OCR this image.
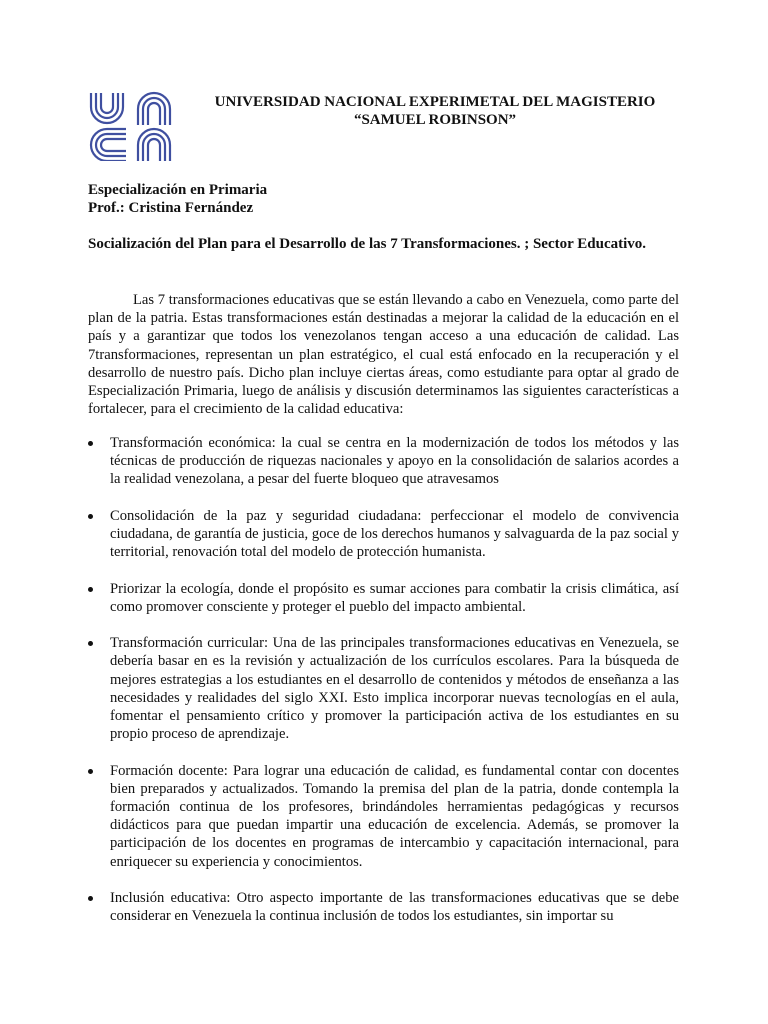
UNIVERSIDAD NACIONAL EXPERIMETAL DEL MAGISTERIO
“SAMUEL ROBINSON”
Especialización en Primaria
Prof.: Cristina Fernández
Socialización del Plan para el Desarrollo de las 7 Transformaciones. ; Sector Educativo.

Las 7 transformaciones educativas que se están llevando a cabo en Venezuela, como parte del plan de la patria. Estas transformaciones están destinadas a mejorar la calidad de la educación en el país y a garantizar que todos los venezolanos tengan acceso a una educación de calidad. Las 7transformaciones, representan un plan estratégico, el cual está enfocado en la recuperación y el desarrollo de nuestro país. Dicho plan incluye ciertas áreas, como estudiante para optar al grado de Especialización Primaria, luego de análisis y discusión determinamos las siguientes características a fortalecer, para el crecimiento de la calidad educativa:

Transformación económica: la cual se centra en la modernización de todos los métodos y las técnicas de producción de riquezas nacionales y apoyo en la consolidación de salarios acordes a la realidad venezolana, a pesar del fuerte bloqueo que atravesamos
Consolidación de la paz y seguridad ciudadana: perfeccionar el modelo de convivencia ciudadana, de garantía de justicia, goce de los derechos humanos y salvaguarda de la paz social y territorial, renovación total del modelo de protección humanista.
Priorizar la ecología, donde el propósito es sumar acciones para combatir la crisis climática, así como promover consciente y proteger el pueblo del impacto ambiental.
Transformación curricular: Una de las principales transformaciones educativas en Venezuela, se debería basar en es la revisión y actualización de los currículos escolares. Para la búsqueda de mejores estrategias a los estudiantes en el desarrollo de contenidos y métodos de enseñanza a las necesidades y realidades del siglo XXI. Esto implica incorporar nuevas tecnologías en el aula, fomentar el pensamiento crítico y promover la participación activa de los estudiantes en su propio proceso de aprendizaje.
Formación docente: Para lograr una educación de calidad, es fundamental contar con docentes bien preparados y actualizados. Tomando la premisa del plan de la patria, donde contempla la formación continua de los profesores, brindándoles herramientas pedagógicas y recursos didácticos para que puedan impartir una educación de excelencia. Además, se promover la participación de los docentes en programas de intercambio y capacitación internacional, para enriquecer su experiencia y conocimientos.
Inclusión educativa: Otro aspecto importante de las transformaciones educativas que se debe considerar en Venezuela la continua inclusión de todos los estudiantes, sin importar su
